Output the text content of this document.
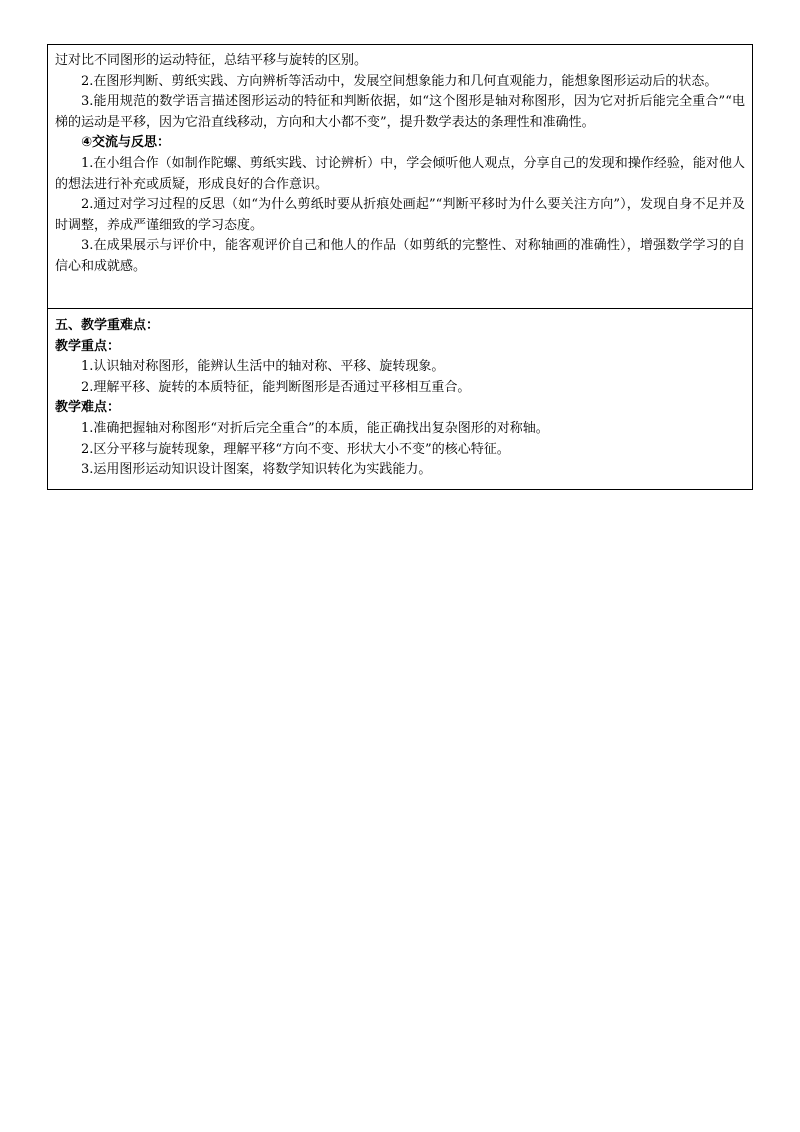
过对比不同图形的运动特征，总结平移与旋转的区别。

2.在图形判断、剪纸实践、方向辨析等活动中，发展空间想象能力和几何直观能力，能想象图形运动后的状态。

3.能用规范的数学语言描述图形运动的特征和判断依据，如“这个图形是轴对称图形，因为它对折后能完全重合”“电梯的运动是平移，因为它沿直线移动，方向和大小都不变”，提升数学表达的条理性和准确性。

④交流与反思：

1.在小组合作（如制作陀螺、剪纸实践、讨论辨析）中，学会倾听他人观点，分享自己的发现和操作经验，能对他人的想法进行补充或质疑，形成良好的合作意识。

2.通过对学习过程的反思（如“为什么剪纸时要从折痕处画起”“判断平移时为什么要关注方向”），发现自身不足并及时调整，养成严谨细致的学习态度。

3.在成果展示与评价中，能客观评价自己和他人的作品（如剪纸的完整性、对称轴画的准确性），增强数学学习的自信心和成就感。

五、教学重难点：

教学重点：

1.认识轴对称图形，能辨认生活中的轴对称、平移、旋转现象。

2.理解平移、旋转的本质特征，能判断图形是否通过平移相互重合。

教学难点：

1.准确把握轴对称图形“对折后完全重合”的本质，能正确找出复杂图形的对称轴。

2.区分平移与旋转现象，理解平移“方向不变、形状大小不变”的核心特征。

3.运用图形运动知识设计图案，将数学知识转化为实践能力。
